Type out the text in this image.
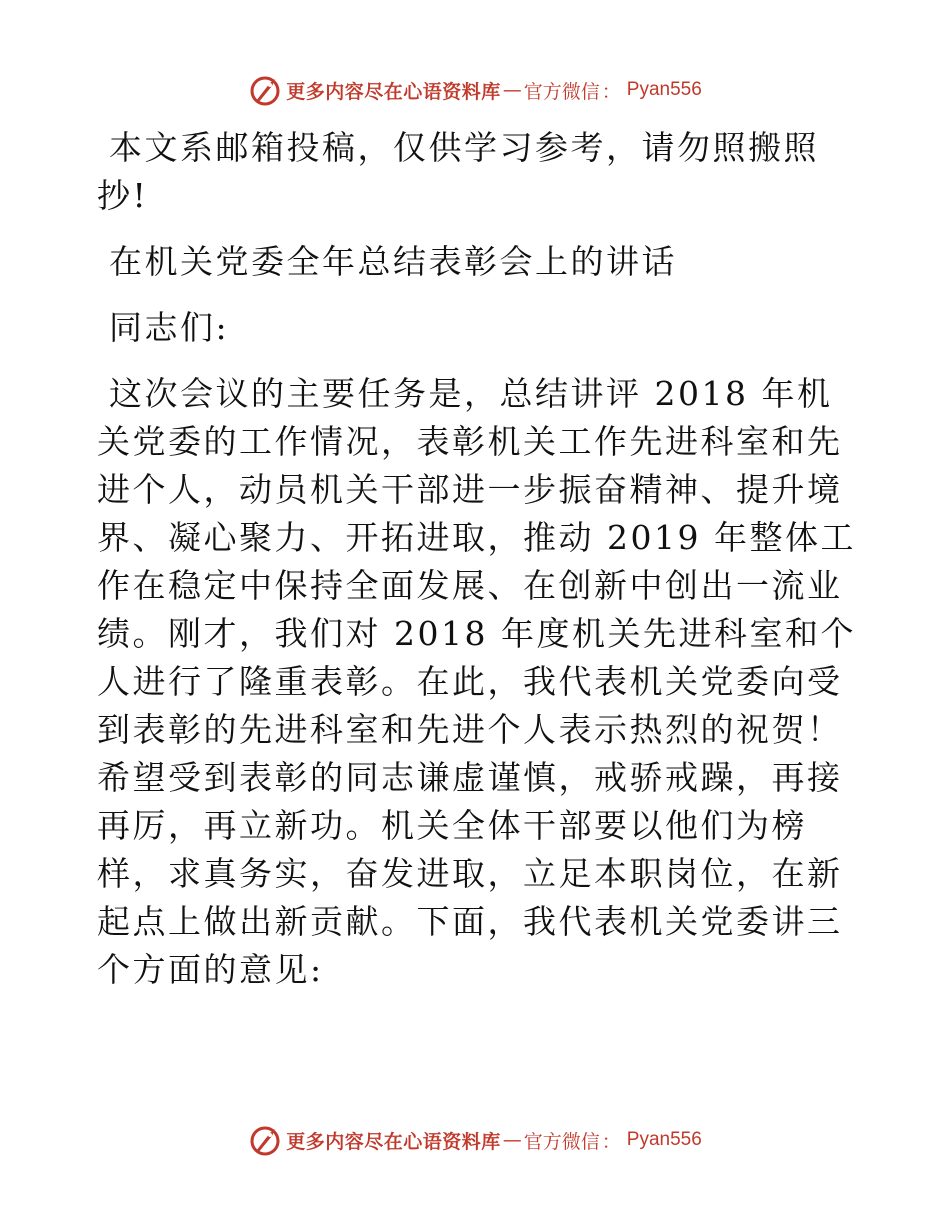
更多内容尽在心语资料库 — 官方微信 ： Pyan556

本文系邮箱投稿，仅供学习参考，请勿照搬照抄!

在机关党委全年总结表彰会上的讲话

同志们:

这次会议的主要任务是，总结讲评 2018 年机关党委的工作情况，表彰机关工作先进科室和先进个人，动员机关干部进一步振奋精神、提升境界、凝心聚力、开拓进取，推动 2019 年整体工作在稳定中保持全面发展、在创新中创出一流业绩。刚才，我们对 2018 年度机关先进科室和个人进行了隆重表彰。在此，我代表机关党委向受到表彰的先进科室和先进个人表示热烈的祝贺！希望受到表彰的同志谦虚谨慎，戒骄戒躁，再接再厉，再立新功。机关全体干部要以他们为榜样，求真务实，奋发进取，立足本职岗位，在新起点上做出新贡献。下面，我代表机关党委讲三个方面的意见:

更多内容尽在心语资料库 — 官方微信 ： Pyan556
